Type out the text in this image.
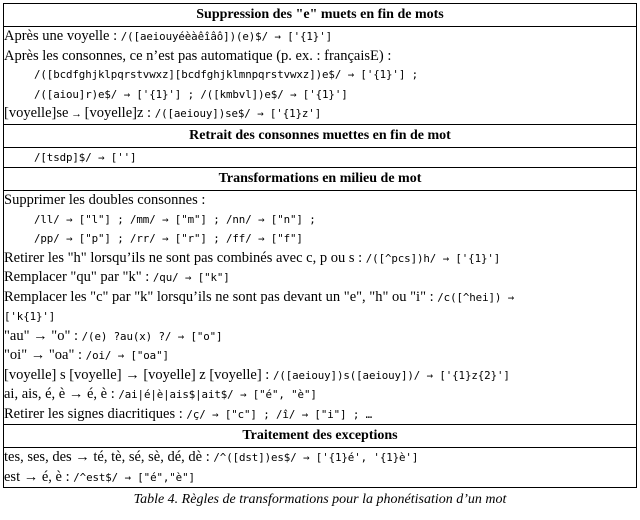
Suppression des "e" muets en fin de mots

Après une voyelle : /([aeiouyéèàêîâô])(e)$/ → ['{1}']
Après les consonnes, ce n’est pas automatique (p. ex. : françaisE) :
/([bcdfghjklpqrstvwxz][bcdfghjklmnpqrstvwxz])e$/ → ['{1}'] ;
/([aiou]r)e$/ → ['{1}'] ; /([kmbvl])e$/ → ['{1}']
[voyelle]se → [voyelle]z : /([aeiouy])se$/ → ['{1}z']

Retrait des consonnes muettes en fin de mot

/[tsdp]$/ → ['']

Transformations en milieu de mot

Supprimer les doubles consonnes :
/ll/ → ["l"] ; /mm/ → ["m"] ; /nn/ → ["n"] ;
/pp/ → ["p"] ; /rr/ → ["r"] ; /ff/ → ["f"]
Retirer les "h" lorsqu’ils ne sont pas combinés avec c, p ou s : /([^pcs])h/ → ['{1}']
Remplacer "qu" par "k" : /qu/ → ["k"]
Remplacer les "c" par "k" lorsqu’ils ne sont pas devant un "e", "h" ou "i" : /c([^hei]) →
['k{1}']
"au" → "o" : /(e) ?au(x) ?/ → ["o"]
"oi" → "oa" : /oi/ → ["oa"]
[voyelle] s [voyelle] → [voyelle] z [voyelle] : /([aeiouy])s([aeiouy])/ → ['{1}z{2}']
ai, ais, é, è → é, è : /ai|é|è|ais$|ait$/ → ["é", "è"]
Retirer les signes diacritiques : /ç/ → ["c"] ; /î/ → ["i"] ; …

Traitement des exceptions

tes, ses, des → té, tè, sé, sè, dé, dè : /^([dst])es$/ → ['{1}é', '{1}è']
est → é, è : /^est$/ → ["é","è"]
Table 4. Règles de transformations pour la phonétisation d’un mot
